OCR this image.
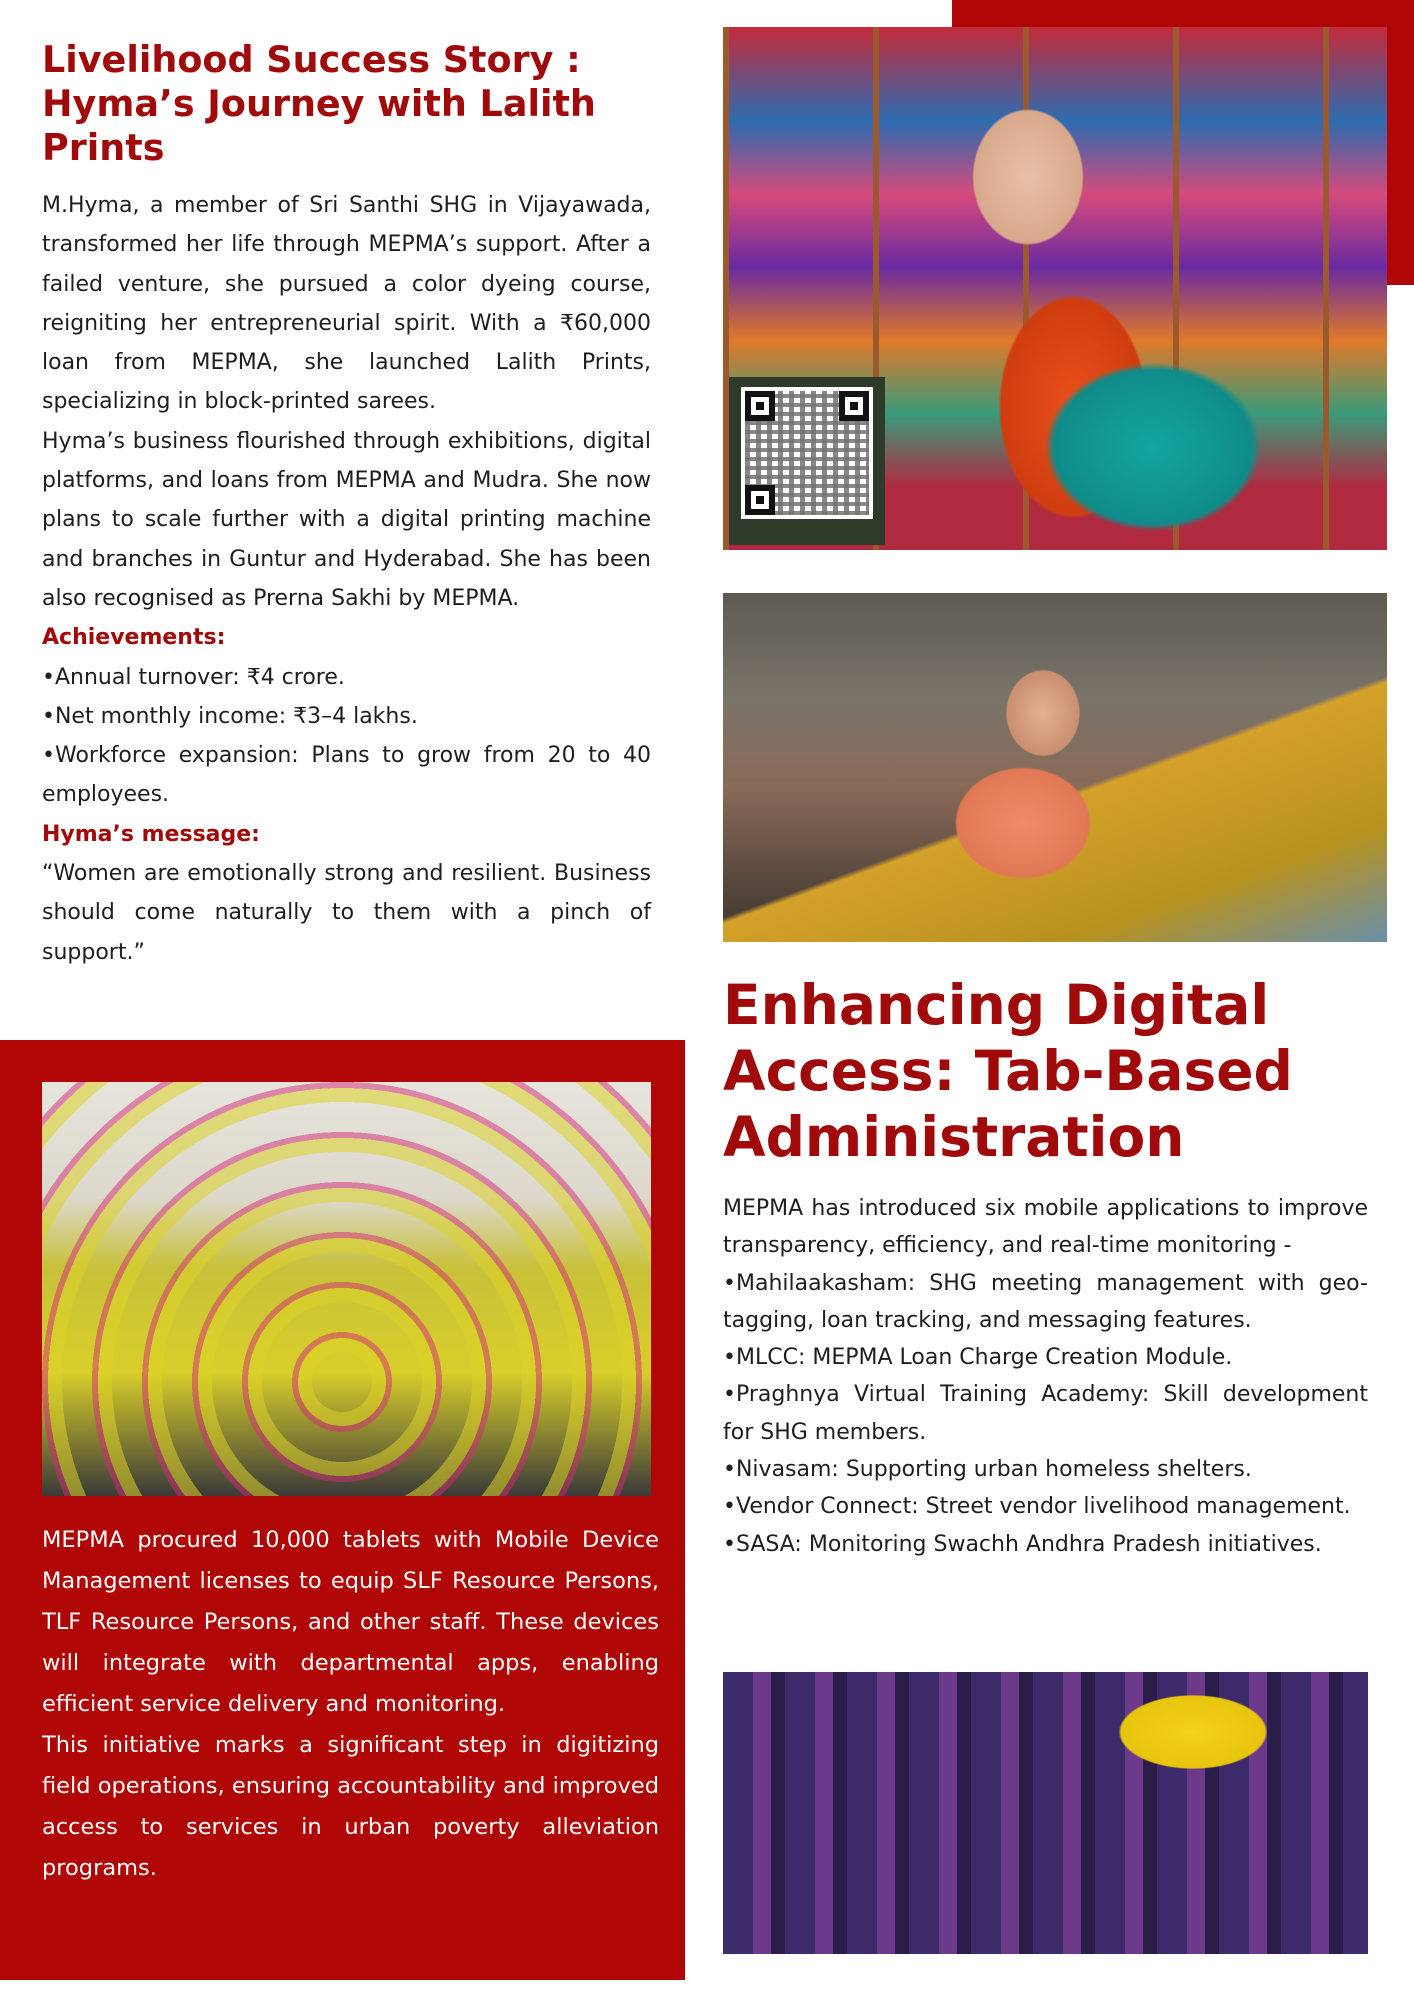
Livelihood Success Story : Hyma’s Journey with Lalith Prints

M.Hyma, a member of Sri Santhi SHG in Vijayawada, transformed her life through MEPMA’s support. After a failed venture, she pursued a color dyeing course, reigniting her entrepreneurial spirit. With a ₹60,000 loan from MEPMA, she launched Lalith Prints, specializing in block-printed sarees.

Hyma’s business flourished through exhibitions, digital platforms, and loans from MEPMA and Mudra. She now plans to scale further with a digital printing machine and branches in Guntur and Hyderabad. She has been also recognised as Prerna Sakhi by MEPMA.

Achievements:

•Annual turnover: ₹4 crore.

•Net monthly income: ₹3–4 lakhs.

•Workforce expansion: Plans to grow from 20 to 40 employees.

Hyma’s message:

“Women are emotionally strong and resilient. Business should come naturally to them with a pinch of support.”

MEPMA procured 10,000 tablets with Mobile Device Management licenses to equip SLF Resource Persons, TLF Resource Persons, and other staff. These devices will integrate with departmental apps, enabling efficient service delivery and monitoring.

This initiative marks a significant step in digitizing field operations, ensuring accountability and improved access to services in urban poverty alleviation programs.

Enhancing Digital Access: Tab-Based Administration

MEPMA has introduced six mobile applications to improve transparency, efficiency, and real-time monitoring -

•Mahilaakasham: SHG meeting management with geo-tagging, loan tracking, and messaging features.

•MLCC: MEPMA Loan Charge Creation Module.

•Praghnya Virtual Training Academy: Skill development for SHG members.

•Nivasam: Supporting urban homeless shelters.

•Vendor Connect: Street vendor livelihood management.

•SASA: Monitoring Swachh Andhra Pradesh initiatives.
